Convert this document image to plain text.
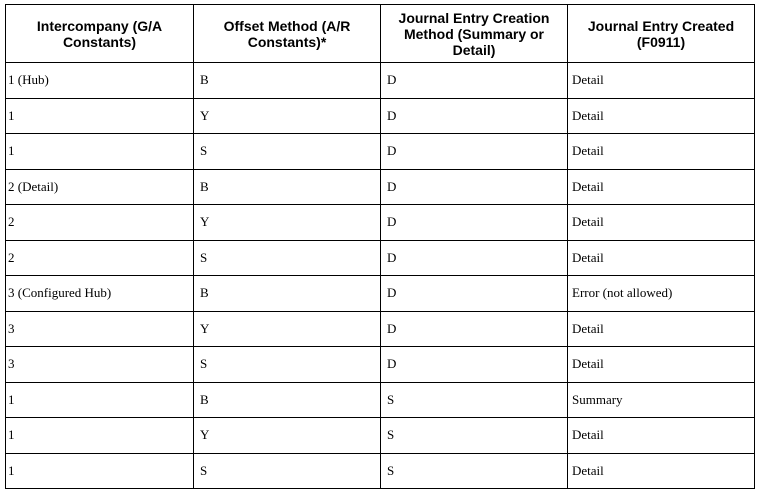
Intercompany (G/A Constants)	Offset Method (A/R Constants)*	Journal Entry Creation Method (Summary or Detail)	Journal Entry Created (F0911)
1 (Hub)	B	D	Detail
1	Y	D	Detail
1	S	D	Detail
2 (Detail)	B	D	Detail
2	Y	D	Detail
2	S	D	Detail
3 (Configured Hub)	B	D	Error (not allowed)
3	Y	D	Detail
3	S	D	Detail
1	B	S	Summary
1	Y	S	Detail
1	S	S	Detail
